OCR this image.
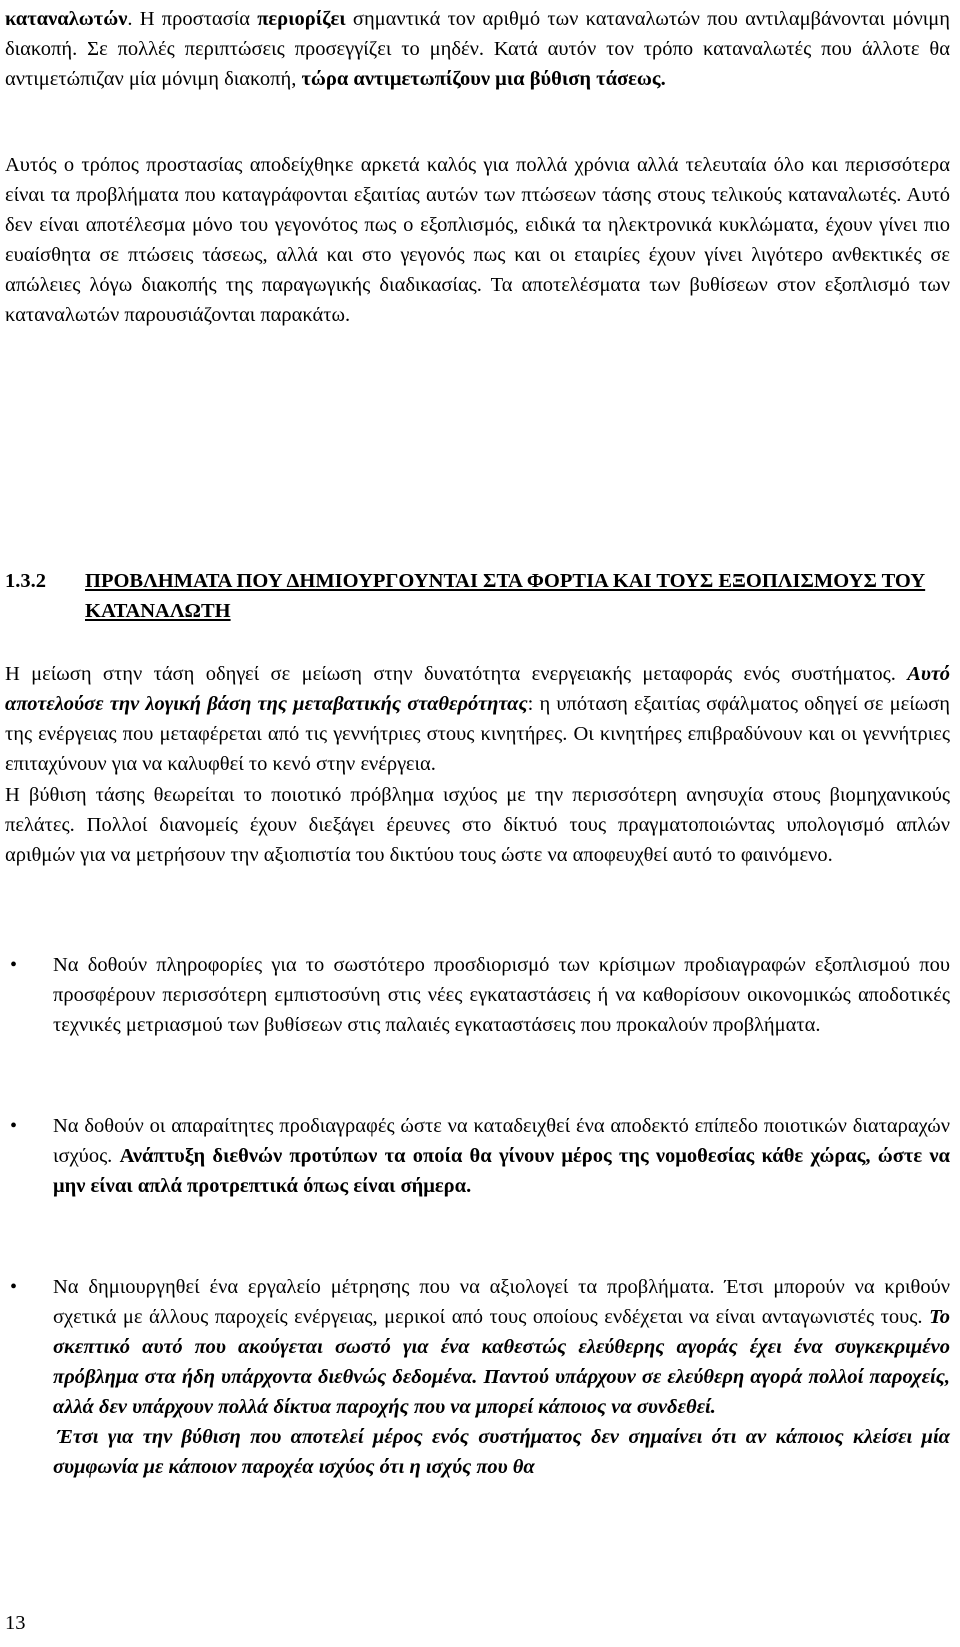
καταναλωτών. Η προστασία περιορίζει σημαντικά τον αριθμό των καταναλωτών που αντιλαμβάνονται μόνιμη διακοπή. Σε πολλές περιπτώσεις προσεγγίζει το μηδέν. Κατά αυτόν τον τρόπο καταναλωτές που άλλοτε θα αντιμετώπιζαν μία μόνιμη διακοπή, τώρα αντιμετωπίζουν μια βύθιση τάσεως.

Αυτός ο τρόπος προστασίας αποδείχθηκε αρκετά καλός για πολλά χρόνια αλλά τελευταία όλο και περισσότερα είναι τα προβλήματα που καταγράφονται εξαιτίας αυτών των πτώσεων τάσης στους τελικούς καταναλωτές. Αυτό δεν είναι αποτέλεσμα μόνο του γεγονότος πως ο εξοπλισμός, ειδικά τα ηλεκτρονικά κυκλώματα, έχουν γίνει πιο ευαίσθητα σε πτώσεις τάσεως, αλλά και στο γεγονός πως και οι εταιρίες έχουν γίνει λιγότερο ανθεκτικές σε απώλειες λόγω διακοπής της παραγωγικής διαδικασίας. Τα αποτελέσματα των βυθίσεων στον εξοπλισμό των καταναλωτών παρουσιάζονται παρακάτω.

1.3.2 ΠΡΟΒΛΗΜΑΤΑ ΠΟΥ ΔΗΜΙΟΥΡΓΟΥΝΤΑΙ ΣΤΑ ΦΟΡΤΙΑ ΚΑΙ ΤΟΥΣ ΕΞΟΠΛΙΣΜΟΥΣ ΤΟΥ ΚΑΤΑΝΑΛΩΤΗ

Η μείωση στην τάση οδηγεί σε μείωση στην δυνατότητα ενεργειακής μεταφοράς ενός συστήματος. Αυτό αποτελούσε την λογική βάση της μεταβατικής σταθερότητας: η υπόταση εξαιτίας σφάλματος οδηγεί σε μείωση της ενέργειας που μεταφέρεται από τις γεννήτριες στους κινητήρες. Οι κινητήρες επιβραδύνουν και οι γεννήτριες επιταχύνουν για να καλυφθεί το κενό στην ενέργεια.

Η βύθιση τάσης θεωρείται το ποιοτικό πρόβλημα ισχύος με την περισσότερη ανησυχία στους βιομηχανικούς πελάτες. Πολλοί διανομείς έχουν διεξάγει έρευνες στο δίκτυό τους πραγματοποιώντας υπολογισμό απλών αριθμών για να μετρήσουν την αξιοπιστία του δικτύου τους ώστε να αποφευχθεί αυτό το φαινόμενο.

• Να δοθούν πληροφορίες για το σωστότερο προσδιορισμό των κρίσιμων προδιαγραφών εξοπλισμού που προσφέρουν περισσότερη εμπιστοσύνη στις νέες εγκαταστάσεις ή να καθορίσουν οικονομικώς αποδοτικές τεχνικές μετριασμού των βυθίσεων στις παλαιές εγκαταστάσεις που προκαλούν προβλήματα.

• Να δοθούν οι απαραίτητες προδιαγραφές ώστε να καταδειχθεί ένα αποδεκτό επίπεδο ποιοτικών διαταραχών ισχύος. Ανάπτυξη διεθνών προτύπων τα οποία θα γίνουν μέρος της νομοθεσίας κάθε χώρας, ώστε να μην είναι απλά προτρεπτικά όπως είναι σήμερα.

• Να δημιουργηθεί ένα εργαλείο μέτρησης που να αξιολογεί τα προβλήματα. Έτσι μπορούν να κριθούν σχετικά με άλλους παροχείς ενέργειας, μερικοί από τους οποίους ενδέχεται να είναι ανταγωνιστές τους. Το σκεπτικό αυτό που ακούγεται σωστό για ένα καθεστώς ελεύθερης αγοράς έχει ένα συγκεκριμένο πρόβλημα στα ήδη υπάρχοντα διεθνώς δεδομένα. Παντού υπάρχουν σε ελεύθερη αγορά πολλοί παροχείς, αλλά δεν υπάρχουν πολλά δίκτυα παροχής που να μπορεί κάποιος να συνδεθεί.

Έτσι για την βύθιση που αποτελεί μέρος ενός συστήματος δεν σημαίνει ότι αν κάποιος κλείσει μία συμφωνία με κάποιον παροχέα ισχύος ότι η ισχύς που θα

13
